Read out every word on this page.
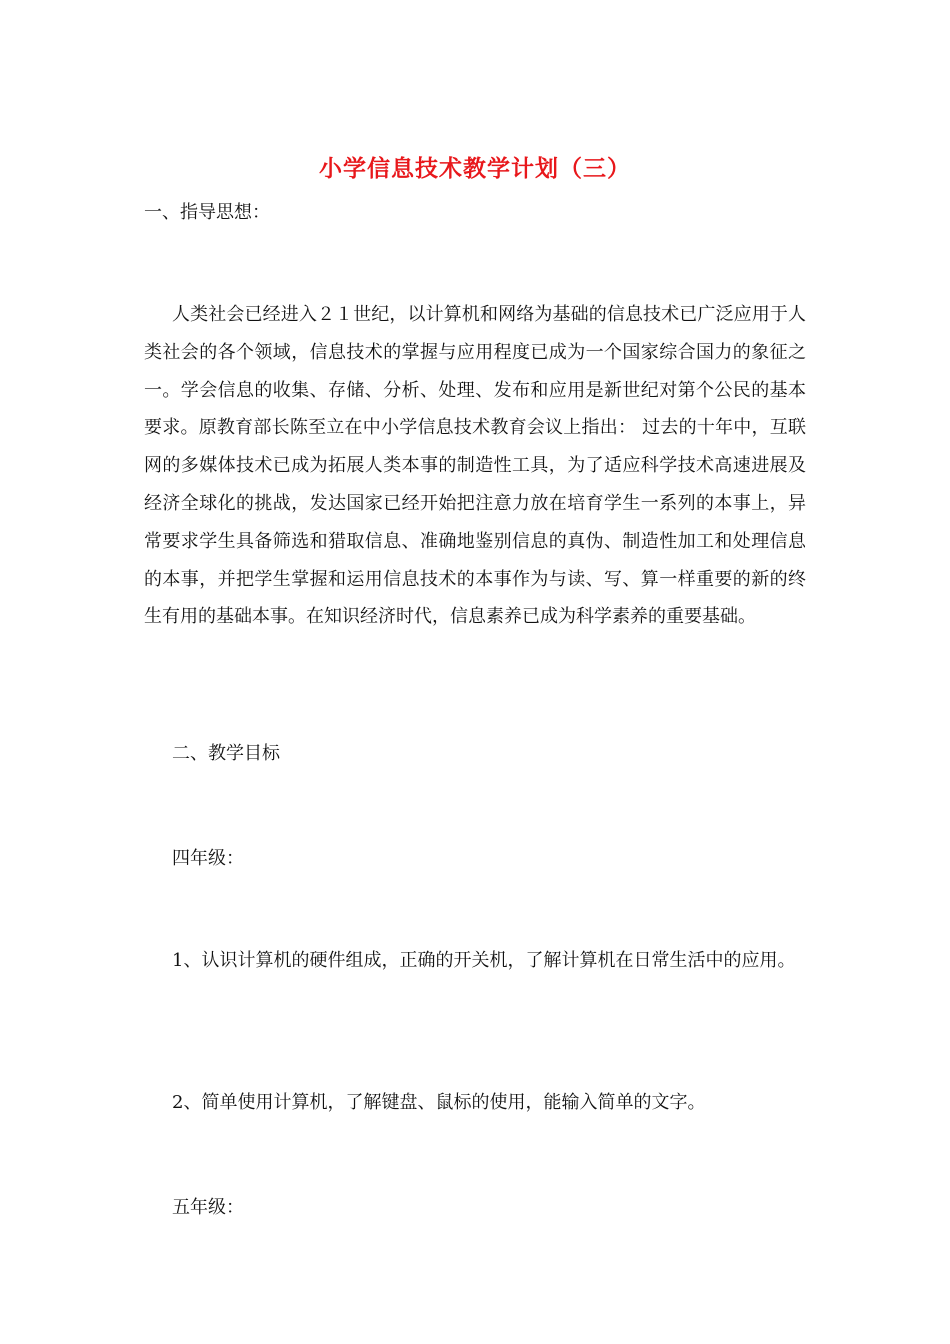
小学信息技术教学计划（三）
一、指导思想：
人类社会已经进入２１世纪，以计算机和网络为基础的信息技术已广泛应用于人类社会的各个领域，信息技术的掌握与应用程度已成为一个国家综合国力的象征之一。学会信息的收集、存储、分析、处理、发布和应用是新世纪对第个公民的基本要求。原教育部长陈至立在中小学信息技术教育会议上指出： 过去的十年中，互联网的多媒体技术已成为拓展人类本事的制造性工具，为了适应科学技术高速进展及经济全球化的挑战，发达国家已经开始把注意力放在培育学生一系列的本事上，异常要求学生具备筛选和猎取信息、准确地鉴别信息的真伪、制造性加工和处理信息的本事，并把学生掌握和运用信息技术的本事作为与读、写、算一样重要的新的终生有用的基础本事。在知识经济时代，信息素养已成为科学素养的重要基础。
二、教学目标
四年级：
1、认识计算机的硬件组成，正确的开关机，了解计算机在日常生活中的应用。
2、简单使用计算机，了解键盘、鼠标的使用，能输入简单的文字。
五年级：
